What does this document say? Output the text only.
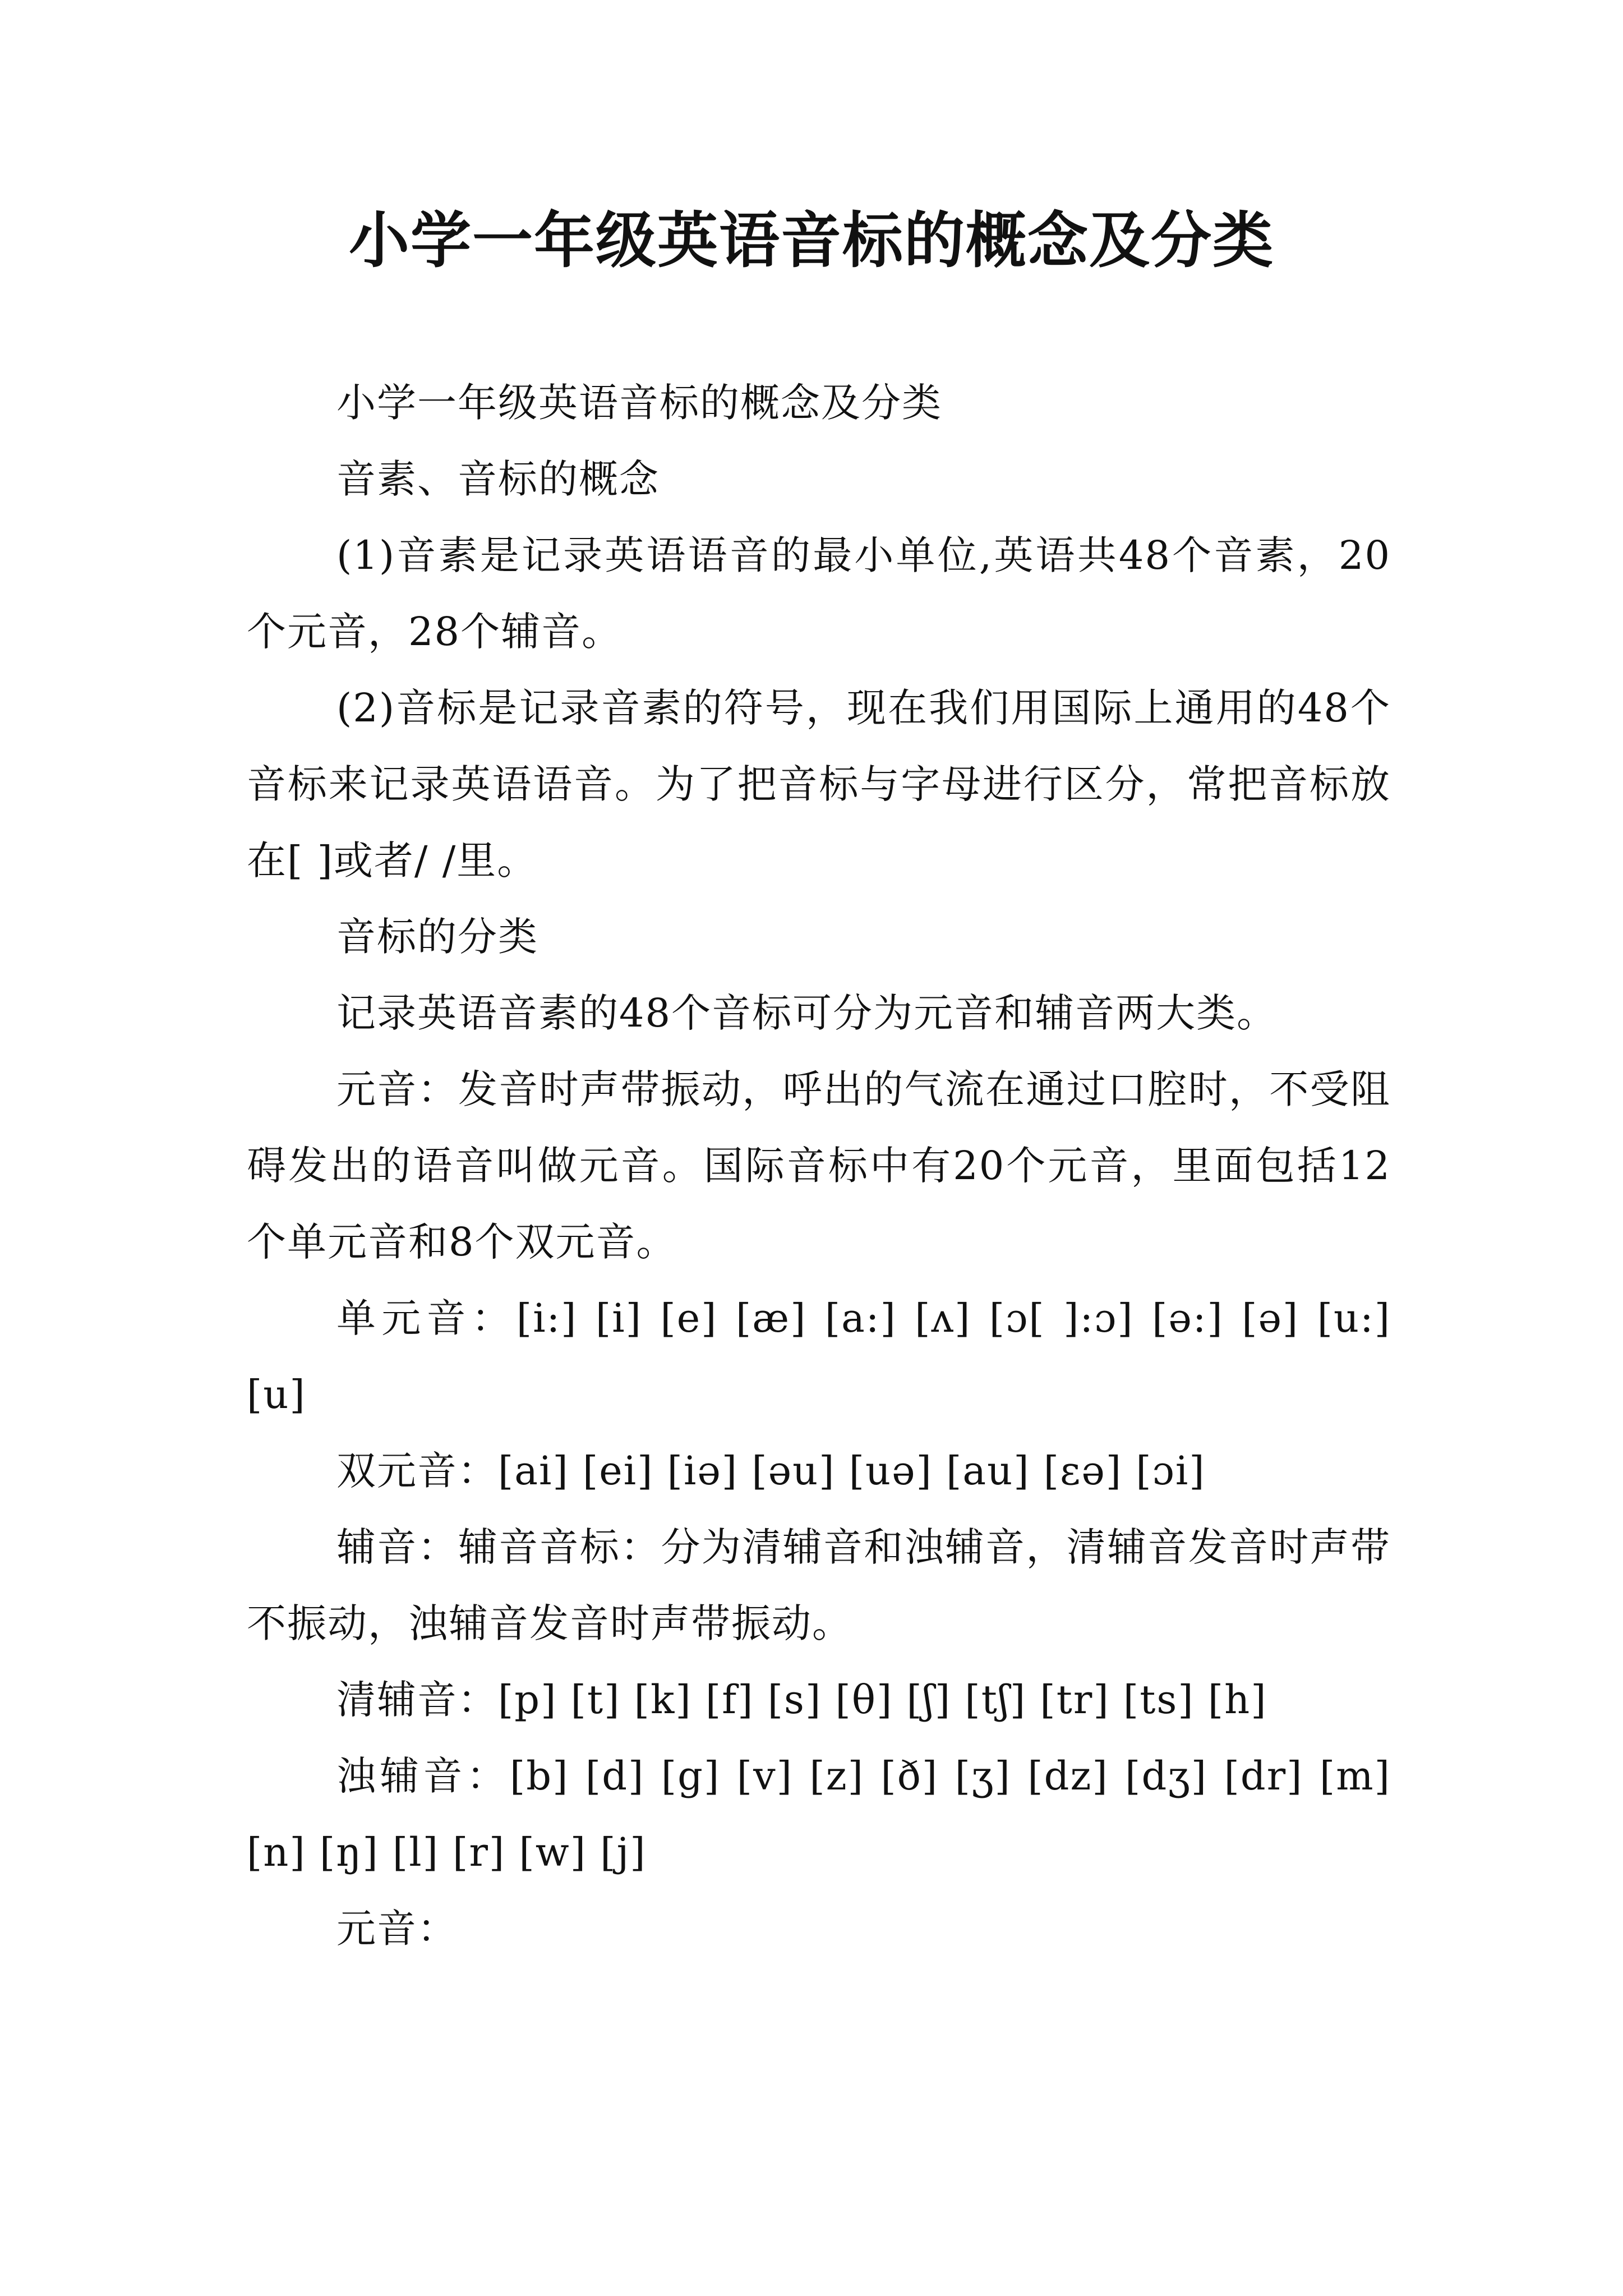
小学一年级英语音标的概念及分类

小学一年级英语音标的概念及分类

音素、音标的概念

(1)音素是记录英语语音的最小单位,英语共48个音素，20个元音，28个辅音。

(2)音标是记录音素的符号，现在我们用国际上通用的48个音标来记录英语语音。为了把音标与字母进行区分，常把音标放在[ ]或者/ /里。

音标的分类

记录英语音素的48个音标可分为元音和辅音两大类。

元音：发音时声带振动，呼出的气流在通过口腔时，不受阻碍发出的语音叫做元音。国际音标中有20个元音，里面包括12个单元音和8个双元音。

单元音：[i:] [i] [e] [æ] [a:] [ʌ] [ɔ[ ]:ɔ] [ə:] [ə] [u:] [u]

双元音：[ai] [ei] [iə] [əu] [uə] [au] [εə] [ɔi]

辅音：辅音音标：分为清辅音和浊辅音，清辅音发音时声带不振动，浊辅音发音时声带振动。

清辅音：[p] [t] [k] [f] [s] [θ] [ʃ] [tʃ] [tr] [ts] [h]

浊辅音：[b] [d] [g] [v] [z] [ð] [ʒ] [dz] [dʒ] [dr] [m] [n] [ŋ] [l] [r] [w] [j]

元音：
